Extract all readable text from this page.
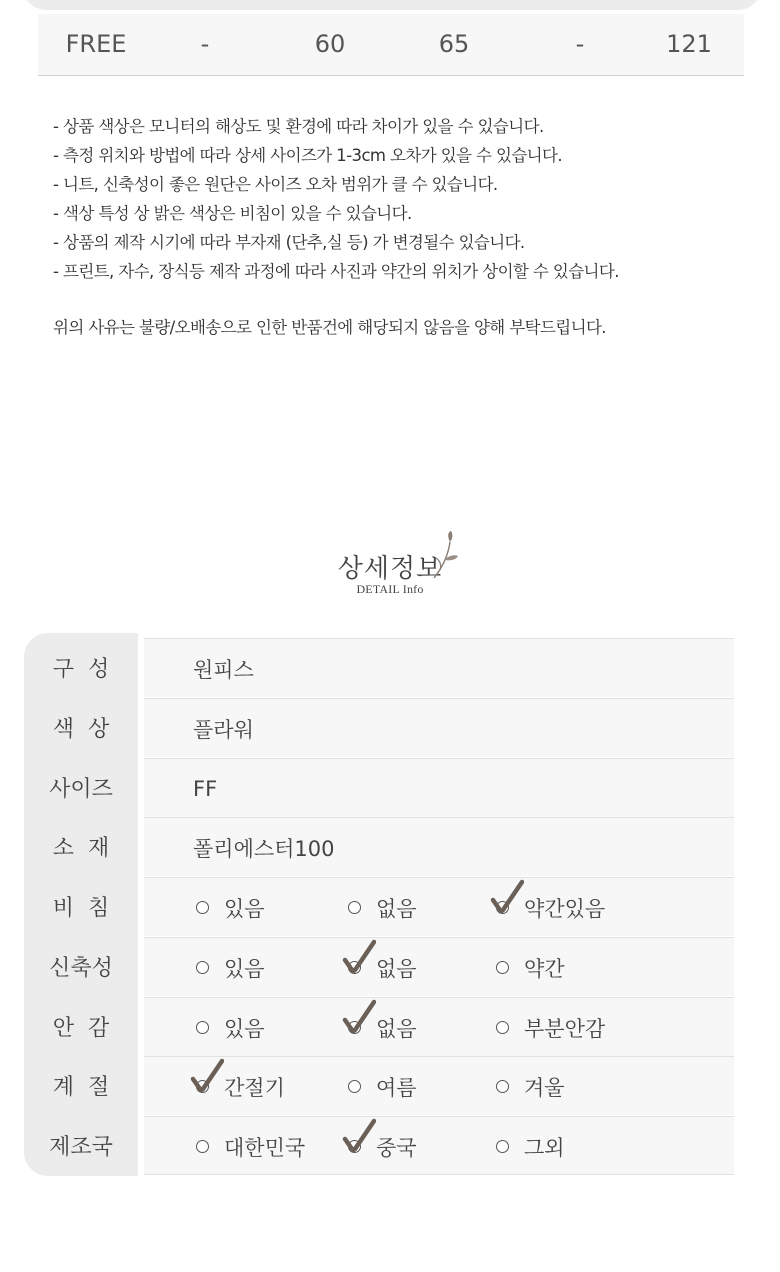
FREE	-	60	65	-	121
- 상품 색상은 모니터의 해상도 및 환경에 따라 차이가 있을 수 있습니다.
- 측정 위치와 방법에 따라 상세 사이즈가 1-3cm 오차가 있을 수 있습니다.
- 니트, 신축성이 좋은 원단은 사이즈 오차 범위가 클 수 있습니다.
- 색상 특성 상 밝은 색상은 비침이 있을 수 있습니다.
- 상품의 제작 시기에 따라 부자재 (단추,실 등) 가 변경될수 있습니다.
- 프린트, 자수, 장식등 제작 과정에 따라 사진과 약간의 위치가 상이할 수 있습니다.
위의 사유는 불량/오배송으로 인한 반품건에 해당되지 않음을 양해 부탁드립니다.
상세정보
DETAIL Info
구  성	원피스
색  상	플라워
사이즈	FF
소  재	폴리에스터100
비  침	있음	없음	약간있음
신축성	있음	없음	약간
안  감	있음	없음	부분안감
계  절	간절기	여름	겨울
제조국	대한민국	중국	그외
